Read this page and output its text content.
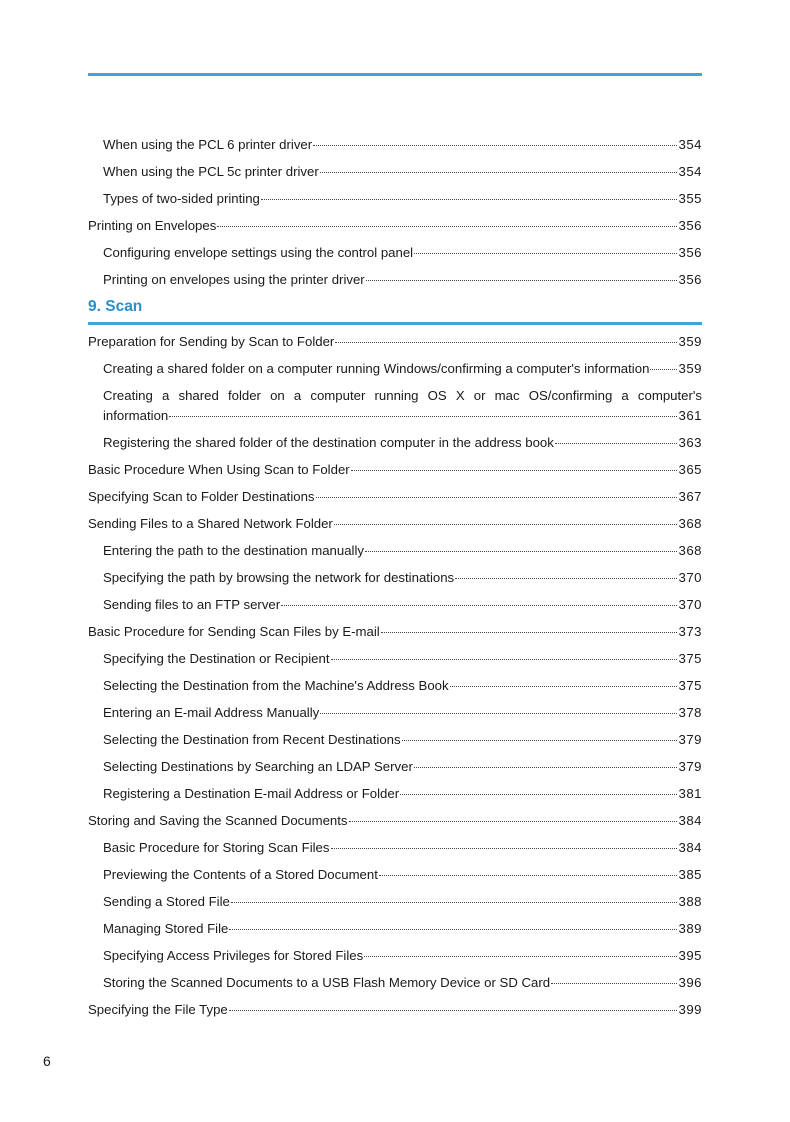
When using the PCL 6 printer driver	354
When using the PCL 5c printer driver	354
Types of two-sided printing	355
Printing on Envelopes	356
Configuring envelope settings using the control panel	356
Printing on envelopes using the printer driver	356
9. Scan
Preparation for Sending by Scan to Folder	359
Creating a shared folder on a computer running Windows/confirming a computer's information 359
Creating a shared folder on a computer running OS X or mac OS/confirming a computer's
information	361
Registering the shared folder of the destination computer in the address book	363
Basic Procedure When Using Scan to Folder	365
Specifying Scan to Folder Destinations	367
Sending Files to a Shared Network Folder	368
Entering the path to the destination manually	368
Specifying the path by browsing the network for destinations	370
Sending files to an FTP server	370
Basic Procedure for Sending Scan Files by E-mail	373
Specifying the Destination or Recipient	375
Selecting the Destination from the Machine's Address Book	375
Entering an E-mail Address Manually	378
Selecting the Destination from Recent Destinations	379
Selecting Destinations by Searching an LDAP Server	379
Registering a Destination E-mail Address or Folder	381
Storing and Saving the Scanned Documents	384
Basic Procedure for Storing Scan Files	384
Previewing the Contents of a Stored Document	385
Sending a Stored File	388
Managing Stored File	389
Specifying Access Privileges for Stored Files	395
Storing the Scanned Documents to a USB Flash Memory Device or SD Card	396
Specifying the File Type	399
6
